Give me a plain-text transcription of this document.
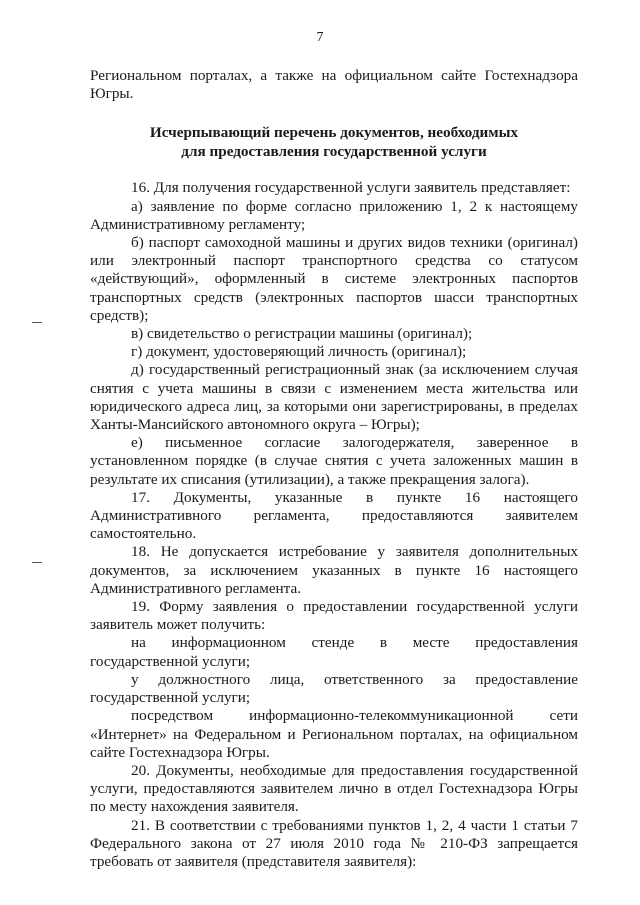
7

Региональном порталах, а также на официальном сайте Гостехнадзора Югры.

Исчерпывающий перечень документов, необходимых
для предоставления государственной услуги

16. Для получения государственной услуги заявитель представляет:

а) заявление по форме согласно приложению 1, 2 к настоящему Административному регламенту;

б) паспорт самоходной машины и других видов техники (оригинал) или электронный паспорт транспортного средства со статусом «действующий», оформленный в системе электронных паспортов транспортных средств (электронных паспортов шасси транспортных средств);

в) свидетельство о регистрации машины (оригинал);

г) документ, удостоверяющий личность (оригинал);

д) государственный регистрационный знак (за исключением случая снятия с учета машины в связи с изменением места жительства или юридического адреса лиц, за которыми они зарегистрированы, в пределах Ханты-Мансийского автономного округа – Югры);

е) письменное согласие залогодержателя, заверенное в установленном порядке (в случае снятия с учета заложенных машин в результате их списания (утилизации), а также прекращения залога).

17. Документы, указанные в пункте 16 настоящего Административного регламента, предоставляются заявителем самостоятельно.

18. Не допускается истребование у заявителя дополнительных документов, за исключением указанных в пункте 16 настоящего Административного регламента.

19. Форму заявления о предоставлении государственной услуги заявитель может получить:

на информационном стенде в месте предоставления государственной услуги;

у должностного лица, ответственного за предоставление государственной услуги;

посредством информационно-телекоммуникационной сети «Интернет» на Федеральном и Региональном порталах, на официальном сайте Гостехнадзора Югры.

20. Документы, необходимые для предоставления государственной услуги, предоставляются заявителем лично в отдел Гостехнадзора Югры по месту нахождения заявителя.

21. В соответствии с требованиями пунктов 1, 2, 4 части 1 статьи 7 Федерального закона от 27 июля 2010 года № 210-ФЗ запрещается требовать от заявителя (представителя заявителя):
